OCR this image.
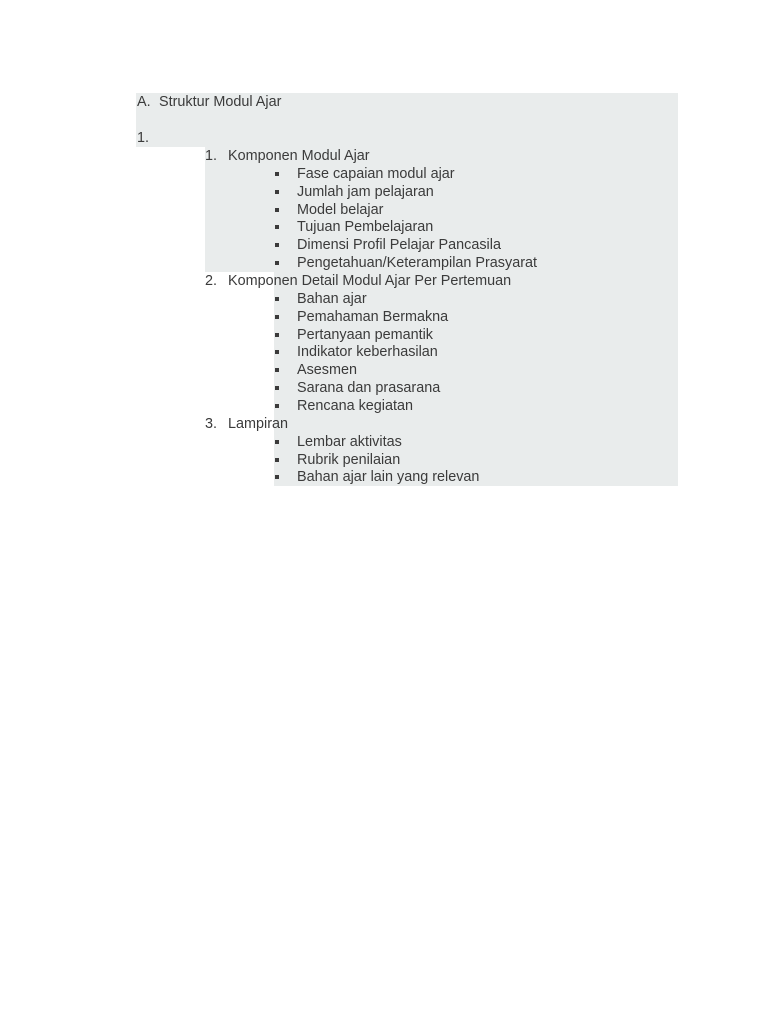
A. Struktur Modul Ajar
1.
1. Komponen Modul Ajar
Fase capaian modul ajar
Jumlah jam pelajaran
Model belajar
Tujuan Pembelajaran
Dimensi Profil Pelajar Pancasila
Pengetahuan/Keterampilan Prasyarat
2. Komponen Detail Modul Ajar Per Pertemuan
Bahan ajar
Pemahaman Bermakna
Pertanyaan pemantik
Indikator keberhasilan
Asesmen
Sarana dan prasarana
Rencana kegiatan
3. Lampiran
Lembar aktivitas
Rubrik penilaian
Bahan ajar lain yang relevan
